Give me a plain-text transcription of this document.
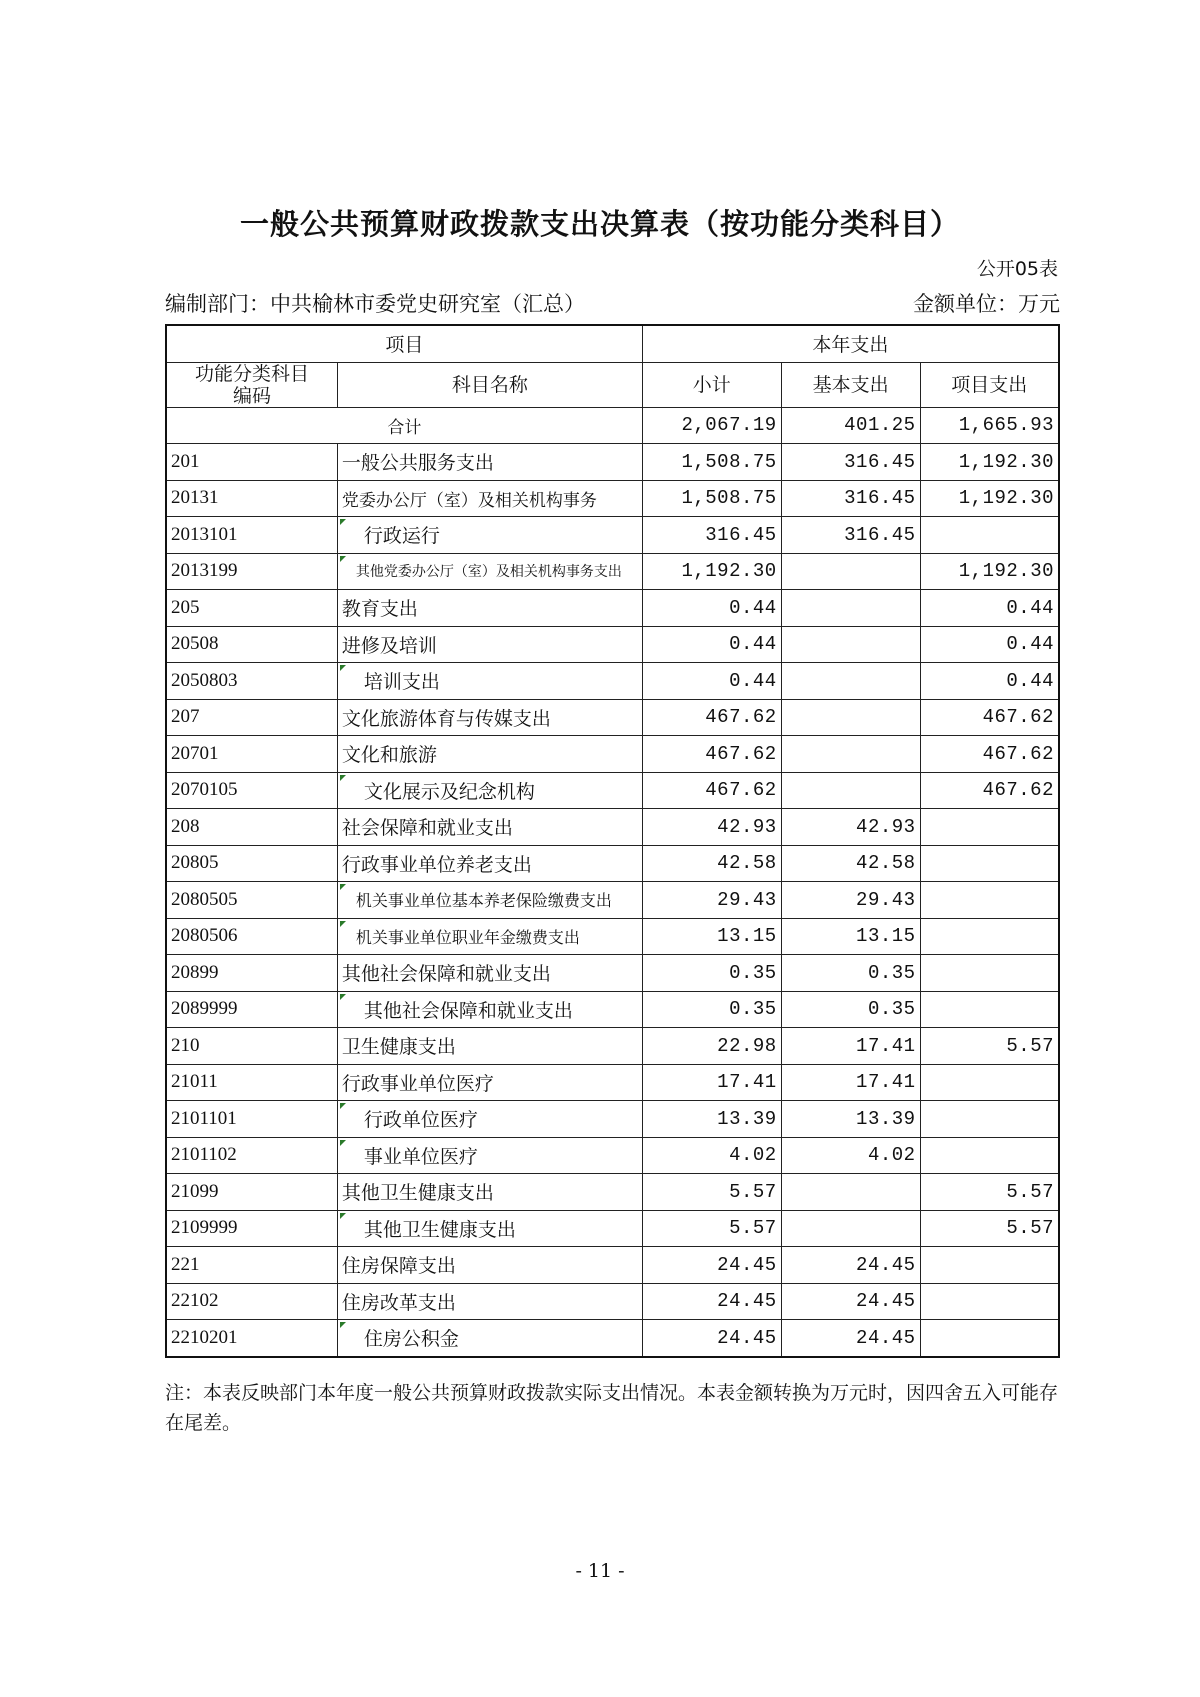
一般公共预算财政拨款支出决算表（按功能分类科目）
公开05表
编制部门：中共榆林市委党史研究室（汇总）	金额单位：万元
项目		本年支出		
功能分类科目编码	科目名称	小计	基本支出	项目支出
合计		2,067.19	401.25	1,665.93
201	一般公共服务支出	1,508.75	316.45	1,192.30
20131	党委办公厅（室）及相关机构事务	1,508.75	316.45	1,192.30
2013101	行政运行	316.45	316.45	
2013199	其他党委办公厅（室）及相关机构事务支出	1,192.30		1,192.30
205	教育支出	0.44		0.44
20508	进修及培训	0.44		0.44
2050803	培训支出	0.44		0.44
207	文化旅游体育与传媒支出	467.62		467.62
20701	文化和旅游	467.62		467.62
2070105	文化展示及纪念机构	467.62		467.62
208	社会保障和就业支出	42.93	42.93	
20805	行政事业单位养老支出	42.58	42.58	
2080505	机关事业单位基本养老保险缴费支出	29.43	29.43	
2080506	机关事业单位职业年金缴费支出	13.15	13.15	
20899	其他社会保障和就业支出	0.35	0.35	
2089999	其他社会保障和就业支出	0.35	0.35	
210	卫生健康支出	22.98	17.41	5.57
21011	行政事业单位医疗	17.41	17.41	
2101101	行政单位医疗	13.39	13.39	
2101102	事业单位医疗	4.02	4.02	
21099	其他卫生健康支出	5.57		5.57
2109999	其他卫生健康支出	5.57		5.57
221	住房保障支出	24.45	24.45	
22102	住房改革支出	24.45	24.45	
2210201	住房公积金	24.45	24.45	
注：本表反映部门本年度一般公共预算财政拨款实际支出情况。本表金额转换为万元时，因四舍五入可能存在尾差。
- 11 -
